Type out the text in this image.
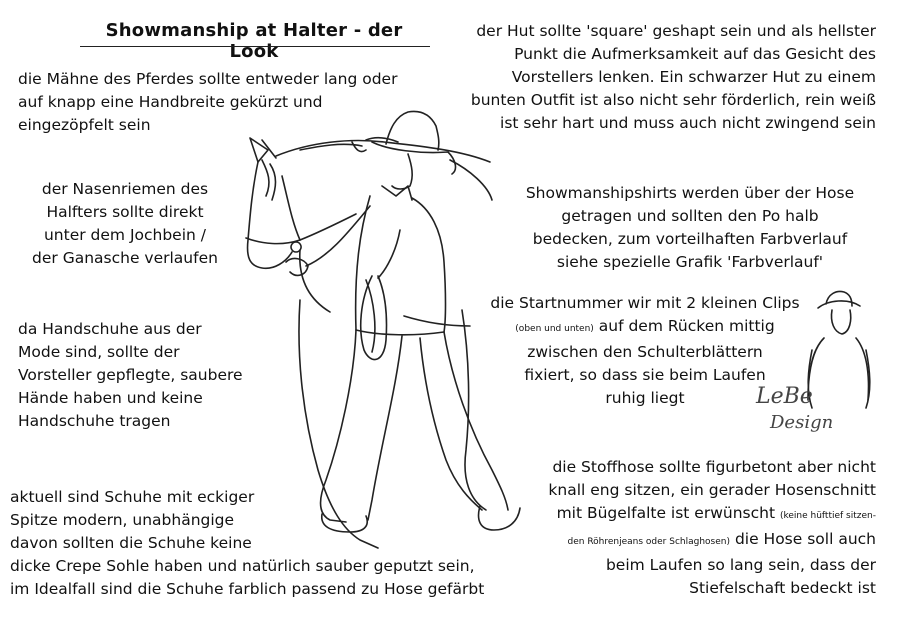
Showmanship at Halter - der Look
die Mähne des Pferdes sollte entweder lang oder
auf knapp eine Handbreite gekürzt und
eingezöpfelt sein
der Nasenriemen des
Halfters sollte direkt
unter dem Jochbein /
der Ganasche verlaufen
da Handschuhe aus der
Mode sind, sollte der
Vorsteller gepflegte, saubere
Hände haben und keine
Handschuhe tragen
aktuell sind Schuhe mit eckiger
Spitze modern, unabhängige
davon sollten die Schuhe keine
dicke Crepe Sohle haben und natürlich sauber geputzt sein,
im Idealfall sind die Schuhe farblich passend zu Hose gefärbt
der Hut sollte 'square' geshapt sein und als hellster
Punkt die Aufmerksamkeit auf das Gesicht des
Vorstellers lenken. Ein schwarzer Hut zu einem
bunten Outfit ist also nicht sehr förderlich, rein weiß
ist sehr hart und muss auch nicht zwingend sein
Showmanshipshirts werden über der Hose
getragen und sollten den Po halb
bedecken, zum vorteilhaften Farbverlauf
siehe spezielle Grafik 'Farbverlauf'
die Startnummer wir mit 2 kleinen Clips
(oben und unten) auf dem Rücken mittig
zwischen den Schulterblättern
fixiert, so dass sie beim Laufen
ruhig liegt
die Stoffhose sollte figurbetont aber nicht
knall eng sitzen, ein gerader Hosenschnitt
mit Bügelfalte ist erwünscht (keine hüfttief sitzen-
den Röhrenjeans oder Schlaghosen) die Hose soll auch
beim Laufen so lang sein, dass der
Stiefelschaft bedeckt ist
LeBe
Design
